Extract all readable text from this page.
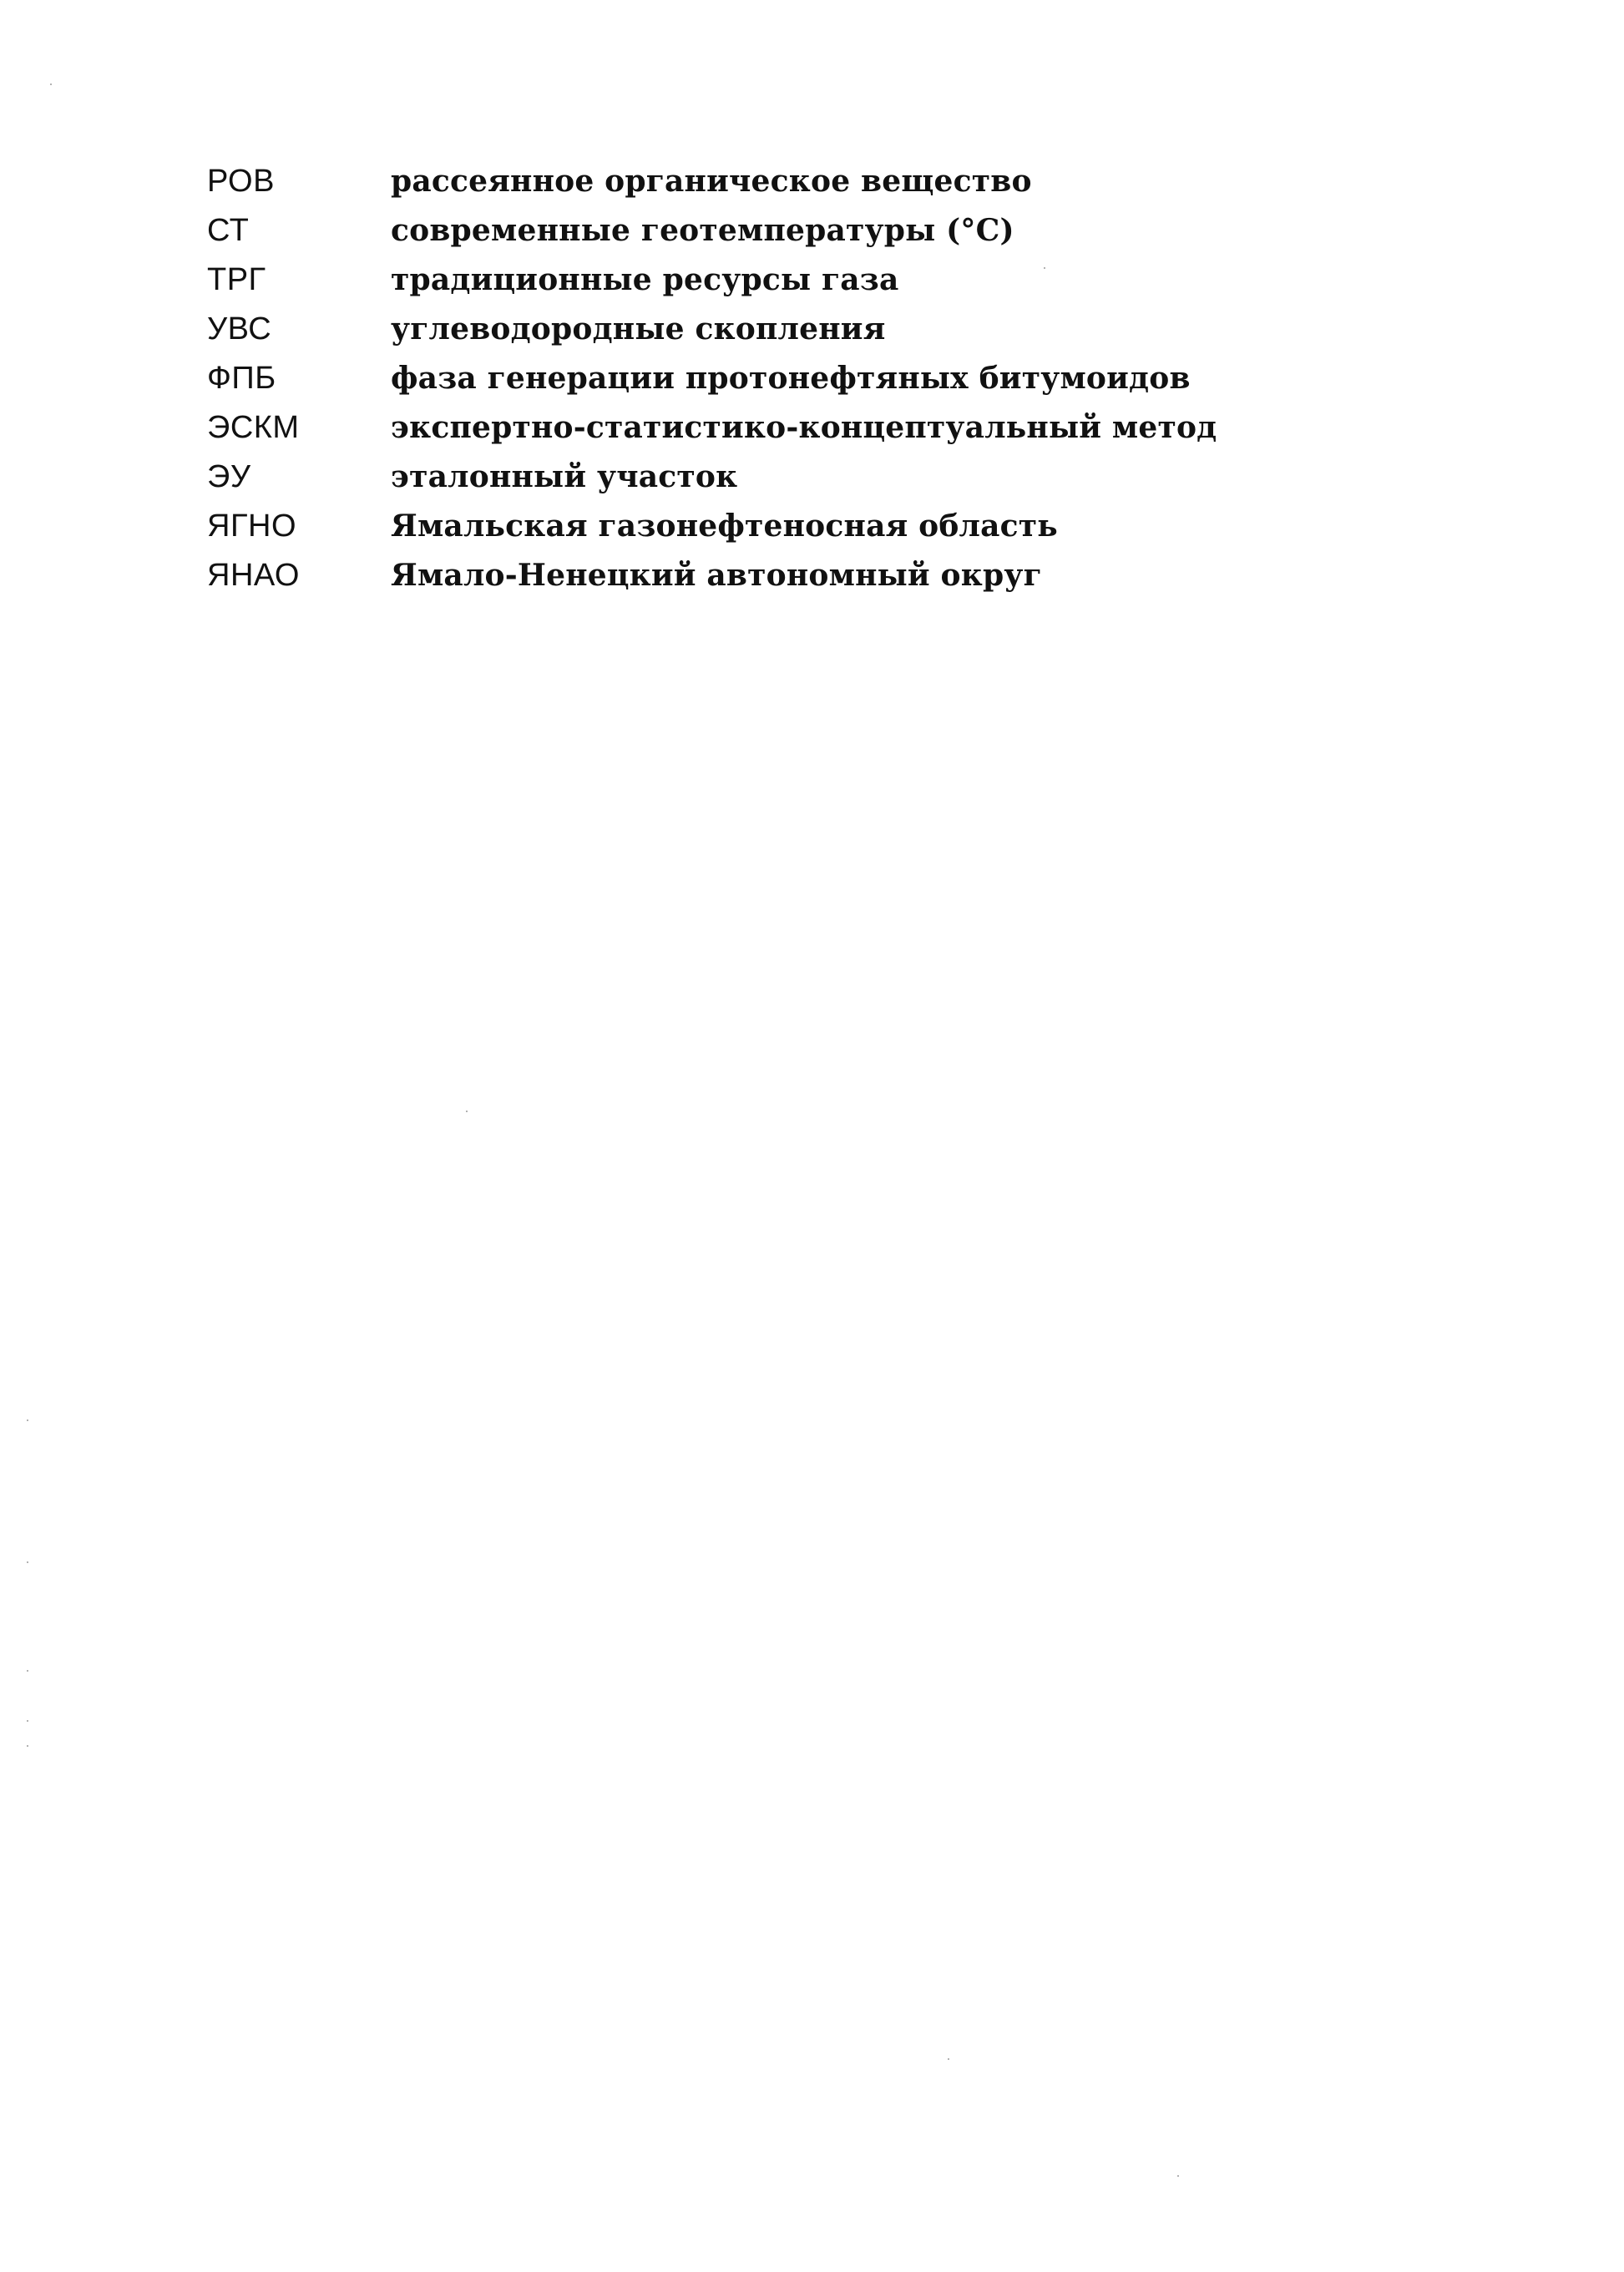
РОВ	рассеянное органическое вещество
СТ	современные геотемпературы (°C)
ТРГ	традиционные ресурсы газа
УВС	углеводородные скопления
ФПБ	фаза генерации протонефтяных битумоидов
ЭСКМ	экспертно-статистико-концептуальный метод
ЭУ	эталонный участок
ЯГНО	Ямальская газонефтеносная область
ЯНАО	Ямало-Ненецкий автономный округ
